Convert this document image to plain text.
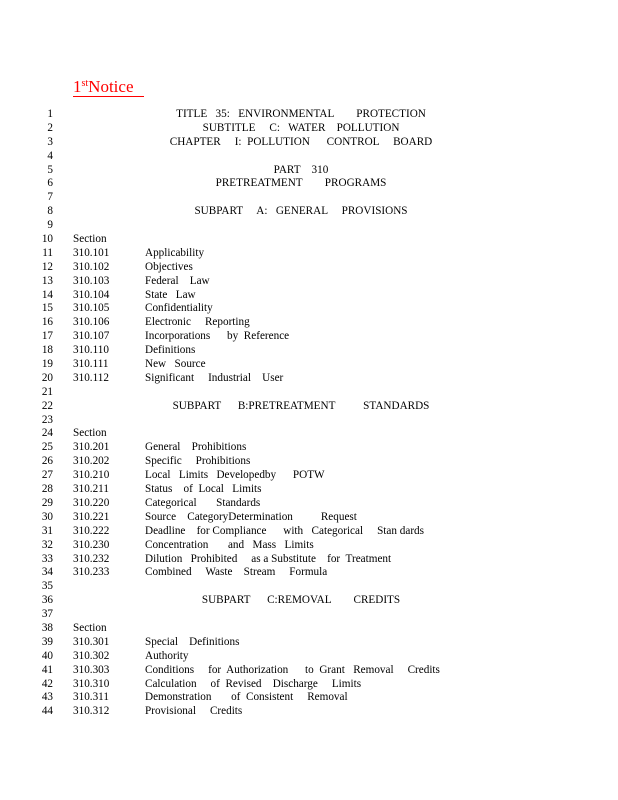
1stNotice
1	TITLE   35:   ENVIRONMENTAL        PROTECTION
2	SUBTITLE     C:   WATER    POLLUTION
3	CHAPTER     I:  POLLUTION      CONTROL     BOARD
4
5	PART    310
6	PRETREATMENT        PROGRAMS
7
8	SUBPART     A:   GENERAL     PROVISIONS
9
10 Section
11 310.101	Applicability
12 310.102	Objectives
13 310.103	Federal    Law
14 310.104	State   Law
15 310.105	Confidentiality
16 310.106	Electronic     Reporting
17 310.107	Incorporations      by  Reference
18 310.110	Definitions
19 310.111	New   Source
20 310.112	Significant     Industrial    User
21
22	SUBPART      B:PRETREATMENT          STANDARDS
23
24 Section
25 310.201	General    Prohibitions
26 310.202	Specific     Prohibitions
27 310.210	Local   Limits   Developedby      POTW
28 310.211	Status    of  Local   Limits
29 310.220	Categorical       Standards
30 310.221	Source    CategoryDetermination          Request
31 310.222	Deadline    for Compliance      with   Categorical     Stan dards
32 310.230	Concentration       and   Mass   Limits
33 310.232	Dilution   Prohibited     as a Substitute    for  Treatment
34 310.233	Combined     Waste    Stream     Formula
35
36	SUBPART      C:REMOVAL        CREDITS
37
38 Section
39 310.301	Special    Definitions
40 310.302	Authority
41 310.303	Conditions     for  Authorization      to  Grant   Removal     Credits
42 310.310	Calculation     of  Revised    Discharge     Limits
43 310.311	Demonstration       of  Consistent     Removal
44 310.312	Provisional     Credits
